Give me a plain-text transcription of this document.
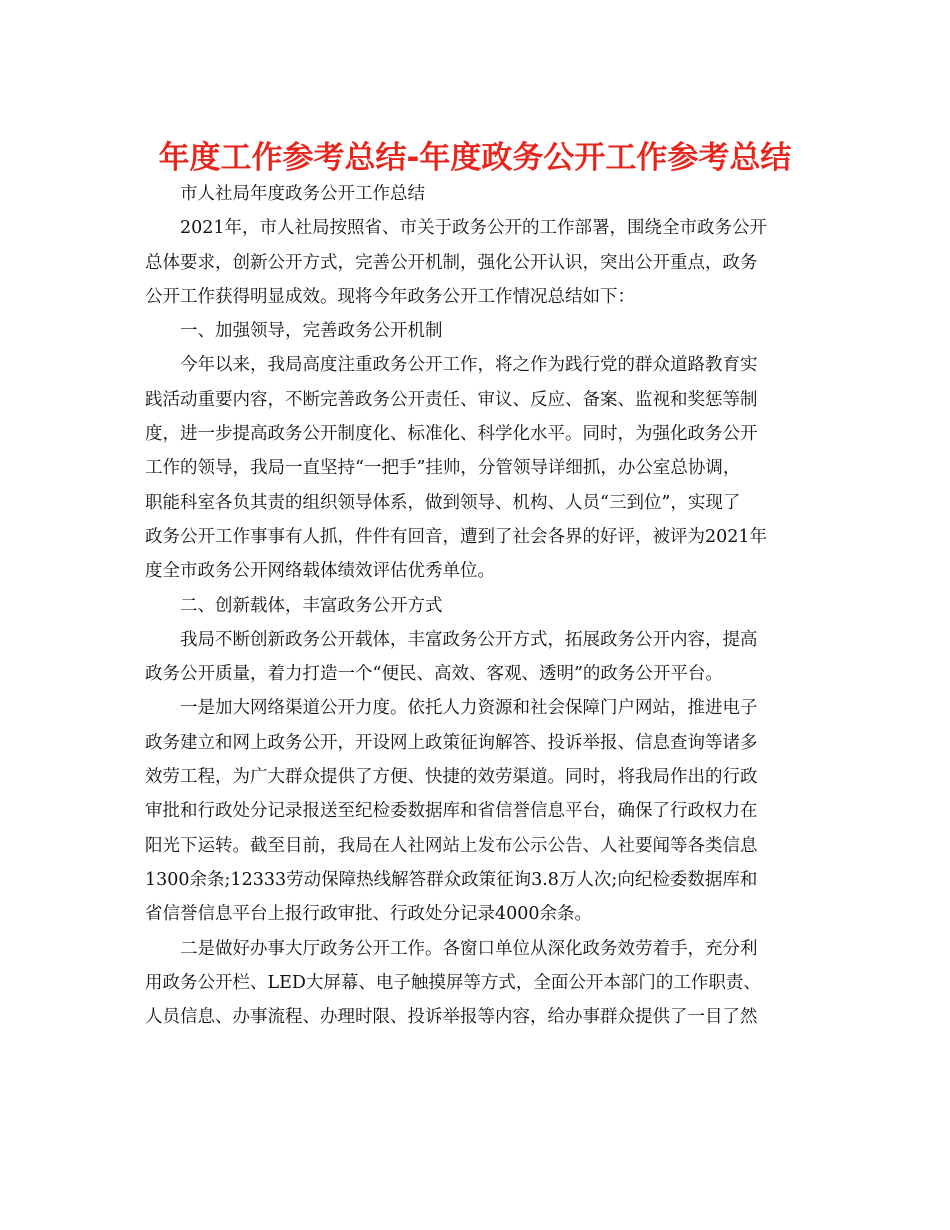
年度工作参考总结-年度政务公开工作参考总结

市人社局年度政务公开工作总结

2021年，市人社局按照省、市关于政务公开的工作部署，围绕全市政务公开
总体要求，创新公开方式，完善公开机制，强化公开认识，突出公开重点，政务
公开工作获得明显成效。现将今年政务公开工作情况总结如下：

一、加强领导，完善政务公开机制

今年以来，我局高度注重政务公开工作，将之作为践行党的群众道路教育实
践活动重要内容，不断完善政务公开责任、审议、反应、备案、监视和奖惩等制
度，进一步提高政务公开制度化、标准化、科学化水平。同时，为强化政务公开
工作的领导，我局一直坚持“一把手”挂帅，分管领导详细抓，办公室总协调，
职能科室各负其责的组织领导体系，做到领导、机构、人员“三到位”，实现了
政务公开工作事事有人抓，件件有回音，遭到了社会各界的好评，被评为2021年
度全市政务公开网络载体绩效评估优秀单位。

二、创新载体，丰富政务公开方式

我局不断创新政务公开载体，丰富政务公开方式，拓展政务公开内容，提高
政务公开质量，着力打造一个“便民、高效、客观、透明”的政务公开平台。

一是加大网络渠道公开力度。依托人力资源和社会保障门户网站，推进电子
政务建立和网上政务公开，开设网上政策征询解答、投诉举报、信息查询等诸多
效劳工程，为广大群众提供了方便、快捷的效劳渠道。同时，将我局作出的行政
审批和行政处分记录报送至纪检委数据库和省信誉信息平台，确保了行政权力在
阳光下运转。截至目前，我局在人社网站上发布公示公告、人社要闻等各类信息
1300余条;12333劳动保障热线解答群众政策征询3.8万人次;向纪检委数据库和
省信誉信息平台上报行政审批、行政处分记录4000余条。

二是做好办事大厅政务公开工作。各窗口单位从深化政务效劳着手，充分利
用政务公开栏、LED大屏幕、电子触摸屏等方式，全面公开本部门的工作职责、
人员信息、办事流程、办理时限、投诉举报等内容，给办事群众提供了一目了然
